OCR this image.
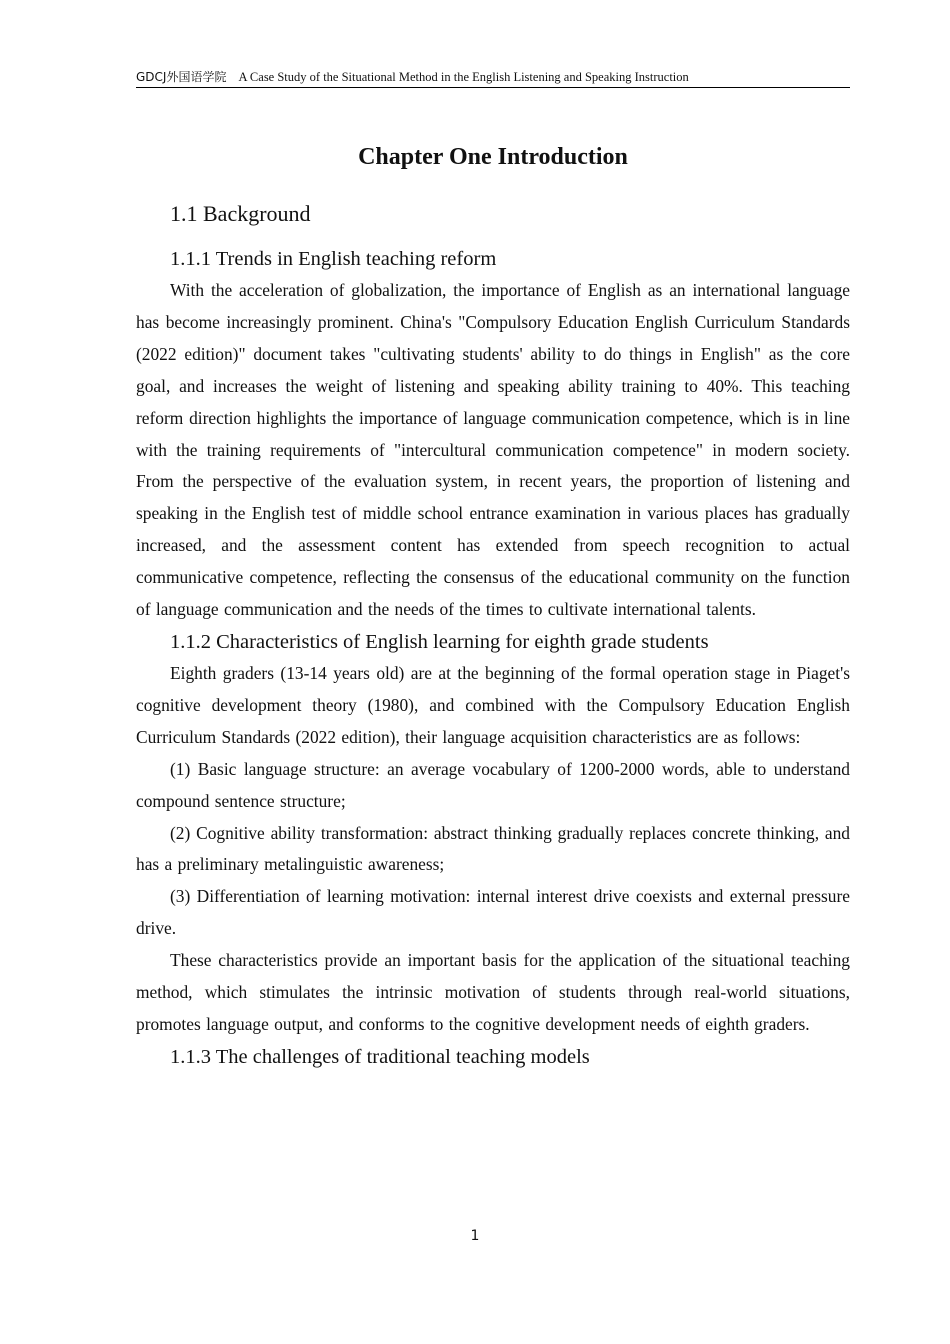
GDCJ外国语学院 A Case Study of the Situational Method in the English Listening and Speaking Instruction
Chapter One Introduction
1.1 Background
1.1.1 Trends in English teaching reform

With the acceleration of globalization, the importance of English as an international language has become increasingly prominent. China's "Compulsory Education English Curriculum Standards (2022 edition)" document takes "cultivating students' ability to do things in English" as the core goal, and increases the weight of listening and speaking ability training to 40%. This teaching reform direction highlights the importance of language communication competence, which is in line with the training requirements of "intercultural communication competence" in modern society. From the perspective of the evaluation system, in recent years, the proportion of listening and speaking in the English test of middle school entrance examination in various places has gradually increased, and the assessment content has extended from speech recognition to actual communicative competence, reflecting the consensus of the educational community on the function of language communication and the needs of the times to cultivate international talents.

1.1.2 Characteristics of English learning for eighth grade students

Eighth graders (13-14 years old) are at the beginning of the formal operation stage in Piaget's cognitive development theory (1980), and combined with the Compulsory Education English Curriculum Standards (2022 edition), their language acquisition characteristics are as follows:

(1) Basic language structure: an average vocabulary of 1200-2000 words, able to understand compound sentence structure;

(2) Cognitive ability transformation: abstract thinking gradually replaces concrete thinking, and has a preliminary metalinguistic awareness;

(3) Differentiation of learning motivation: internal interest drive coexists and external pressure drive.

These characteristics provide an important basis for the application of the situational teaching method, which stimulates the intrinsic motivation of students through real-world situations, promotes language output, and conforms to the cognitive development needs of eighth graders.

1.1.3 The challenges of traditional teaching models
1
